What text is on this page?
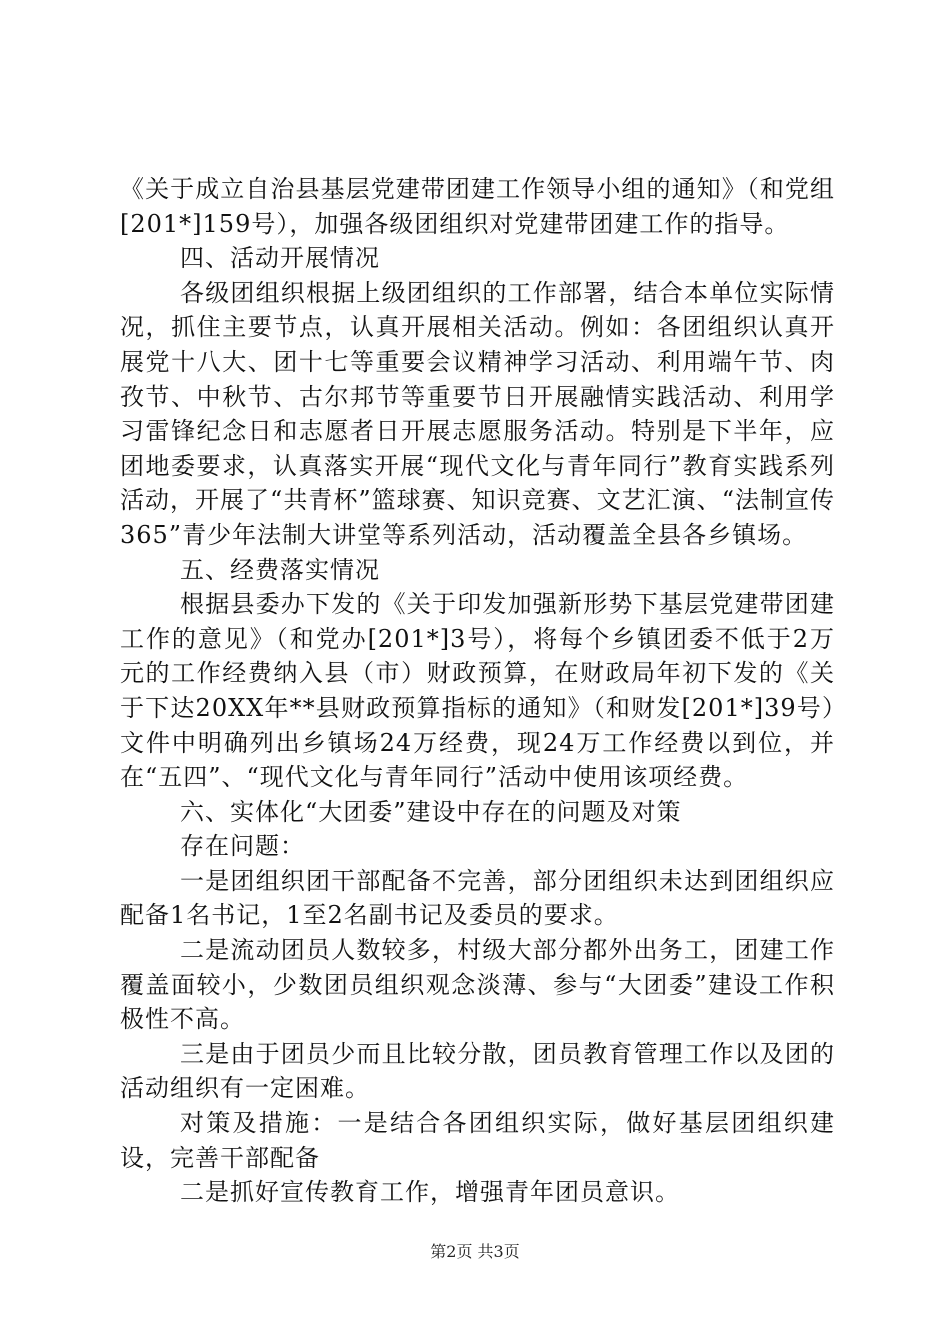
《关于成立自治县基层党建带团建工作领导小组的通知》（和党组[201*]159号），加强各级团组织对党建带团建工作的指导。

四、活动开展情况

各级团组织根据上级团组织的工作部署，结合本单位实际情况，抓住主要节点，认真开展相关活动。例如：各团组织认真开展党十八大、团十七等重要会议精神学习活动、利用端午节、肉孜节、中秋节、古尔邦节等重要节日开展融情实践活动、利用学习雷锋纪念日和志愿者日开展志愿服务活动。特别是下半年，应团地委要求，认真落实开展“现代文化与青年同行”教育实践系列活动，开展了“共青杯”篮球赛、知识竞赛、文艺汇演、“法制宣传365”青少年法制大讲堂等系列活动，活动覆盖全县各乡镇场。

五、经费落实情况

根据县委办下发的《关于印发加强新形势下基层党建带团建工作的意见》（和党办[201*]3号），将每个乡镇团委不低于2万元的工作经费纳入县（市）财政预算，在财政局年初下发的《关于下达20XX年**县财政预算指标的通知》（和财发[201*]39号）文件中明确列出乡镇场24万经费，现24万工作经费以到位，并在“五四”、“现代文化与青年同行”活动中使用该项经费。

六、实体化“大团委”建设中存在的问题及对策

存在问题：

一是团组织团干部配备不完善，部分团组织未达到团组织应配备1名书记，1至2名副书记及委员的要求。

二是流动团员人数较多，村级大部分都外出务工，团建工作覆盖面较小，少数团员组织观念淡薄、参与“大团委”建设工作积极性不高。

三是由于团员少而且比较分散，团员教育管理工作以及团的活动组织有一定困难。

对策及措施：一是结合各团组织实际，做好基层团组织建设，完善干部配备

二是抓好宣传教育工作，增强青年团员意识。

第2页 共3页
